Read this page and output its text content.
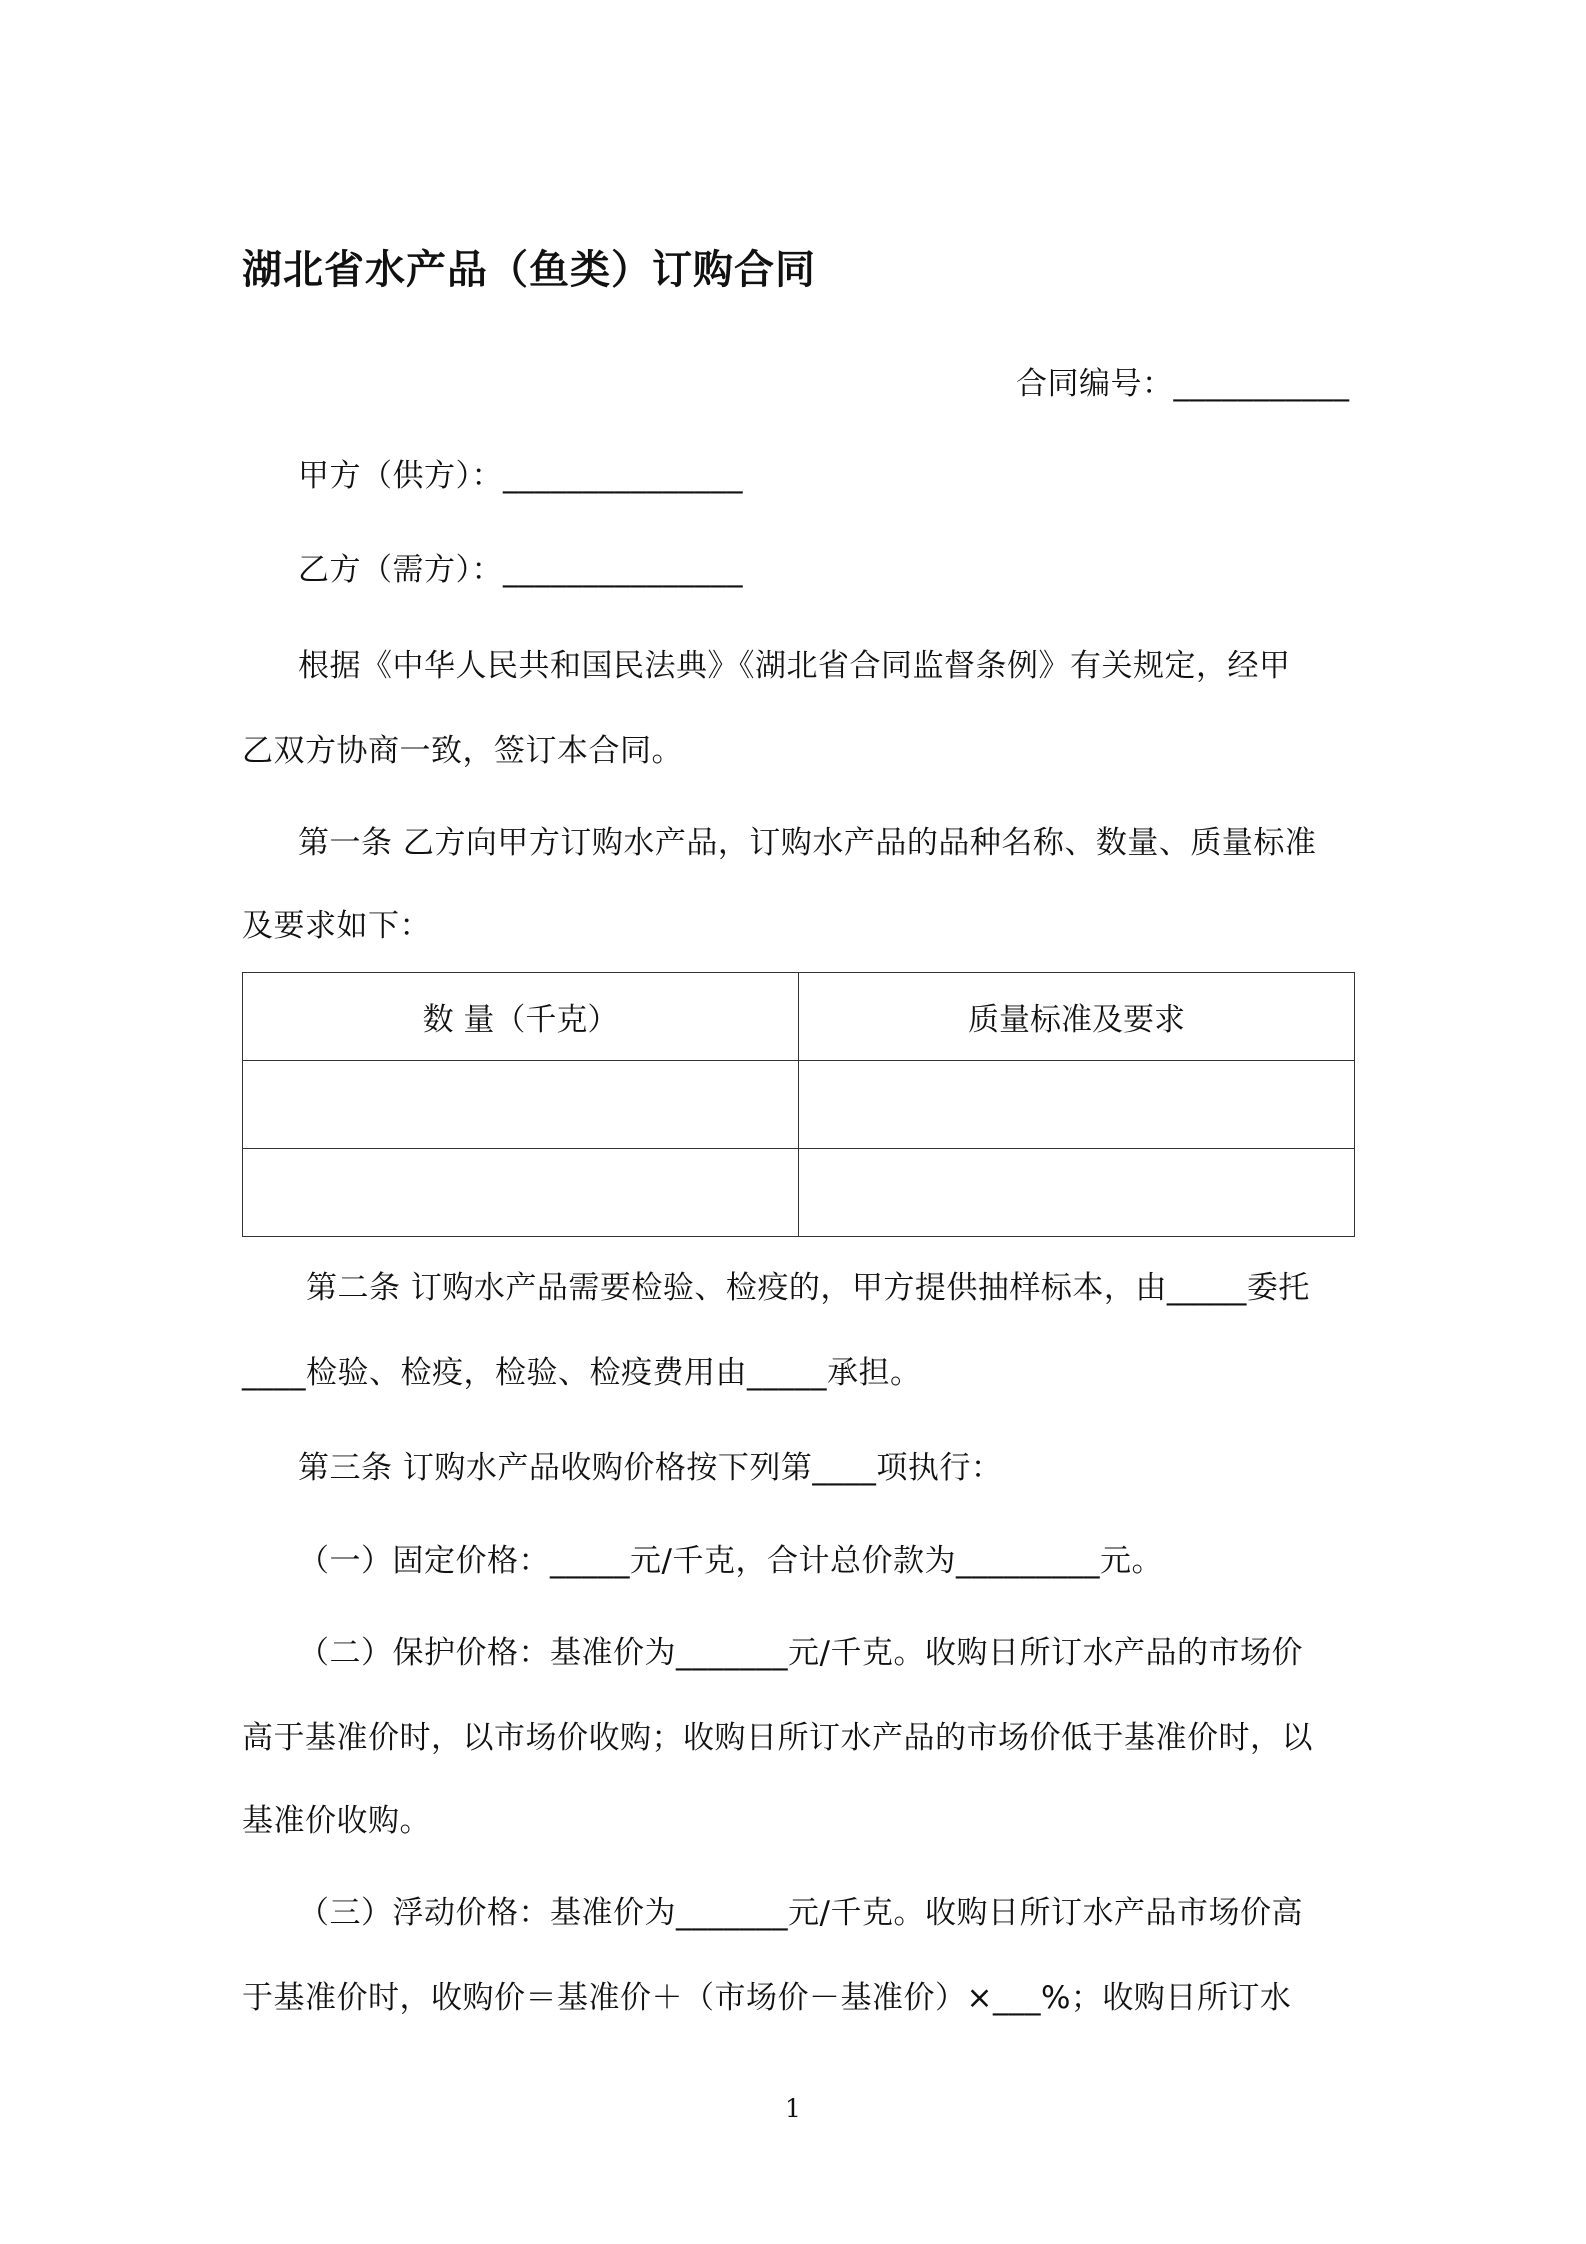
湖北省水产品（鱼类）订购合同
合同编号：___________
甲方（供方）：_______________
乙方（需方）：_______________
根据《中华人民共和国民法典》《湖北省合同监督条例》有关规定，经甲
乙双方协商一致，签订本合同。
第一条 乙方向甲方订购水产品，订购水产品的品种名称、数量、质量标准
及要求如下：
数 量（千克）	质量标准及要求

第二条 订购水产品需要检验、检疫的，甲方提供抽样标本，由_____委托
____检验、检疫，检验、检疫费用由_____承担。
第三条 订购水产品收购价格按下列第____项执行：
（一）固定价格：_____元/千克，合计总价款为_________元。
（二）保护价格：基准价为_______元/千克。收购日所订水产品的市场价
高于基准价时，以市场价收购；收购日所订水产品的市场价低于基准价时，以
基准价收购。
（三）浮动价格：基准价为_______元/千克。收购日所订水产品市场价高
于基准价时，收购价＝基准价＋（市场价－基准价）×___%；收购日所订水
1
